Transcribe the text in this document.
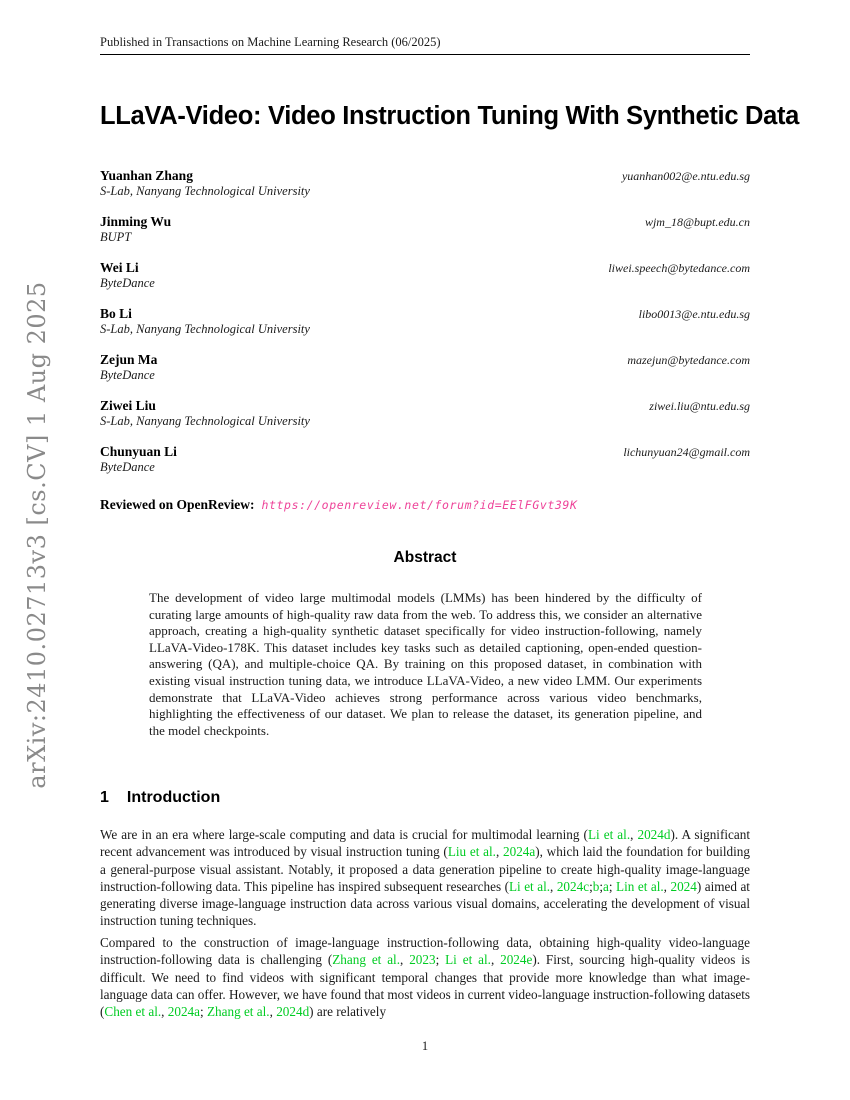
arXiv:2410.02713v3 [cs.CV] 1 Aug 2025
Published in Transactions on Machine Learning Research (06/2025)
LLaVA-Video: Video Instruction Tuning With Synthetic Data
Yuanhan Zhang
S-Lab, Nanyang Technological University
yuanhan002@e.ntu.edu.sg
Jinming Wu
BUPT
wjm_18@bupt.edu.cn
Wei Li
ByteDance
liwei.speech@bytedance.com
Bo Li
S-Lab, Nanyang Technological University
libo0013@e.ntu.edu.sg
Zejun Ma
ByteDance
mazejun@bytedance.com
Ziwei Liu
S-Lab, Nanyang Technological University
ziwei.liu@ntu.edu.sg
Chunyuan Li
ByteDance
lichunyuan24@gmail.com
Reviewed on OpenReview: https://openreview.net/forum?id=EElFGvt39K
Abstract
The development of video large multimodal models (LMMs) has been hindered by the difficulty of curating large amounts of high-quality raw data from the web. To address this, we consider an alternative approach, creating a high-quality synthetic dataset specifically for video instruction-following, namely LLaVA-Video-178K. This dataset includes key tasks such as detailed captioning, open-ended question-answering (QA), and multiple-choice QA. By training on this proposed dataset, in combination with existing visual instruction tuning data, we introduce LLaVA-Video, a new video LMM. Our experiments demonstrate that LLaVA-Video achieves strong performance across various video benchmarks, highlighting the effectiveness of our dataset. We plan to release the dataset, its generation pipeline, and the model checkpoints.
1 Introduction
We are in an era where large-scale computing and data is crucial for multimodal learning (Li et al., 2024d). A significant recent advancement was introduced by visual instruction tuning (Liu et al., 2024a), which laid the foundation for building a general-purpose visual assistant. Notably, it proposed a data generation pipeline to create high-quality image-language instruction-following data. This pipeline has inspired subsequent researches (Li et al., 2024c;b;a; Lin et al., 2024) aimed at generating diverse image-language instruction data across various visual domains, accelerating the development of visual instruction tuning techniques.
Compared to the construction of image-language instruction-following data, obtaining high-quality video-language instruction-following data is challenging (Zhang et al., 2023; Li et al., 2024e). First, sourcing high-quality videos is difficult. We need to find videos with significant temporal changes that provide more knowledge than what image-language data can offer. However, we have found that most videos in current video-language instruction-following datasets (Chen et al., 2024a; Zhang et al., 2024d) are relatively
1
